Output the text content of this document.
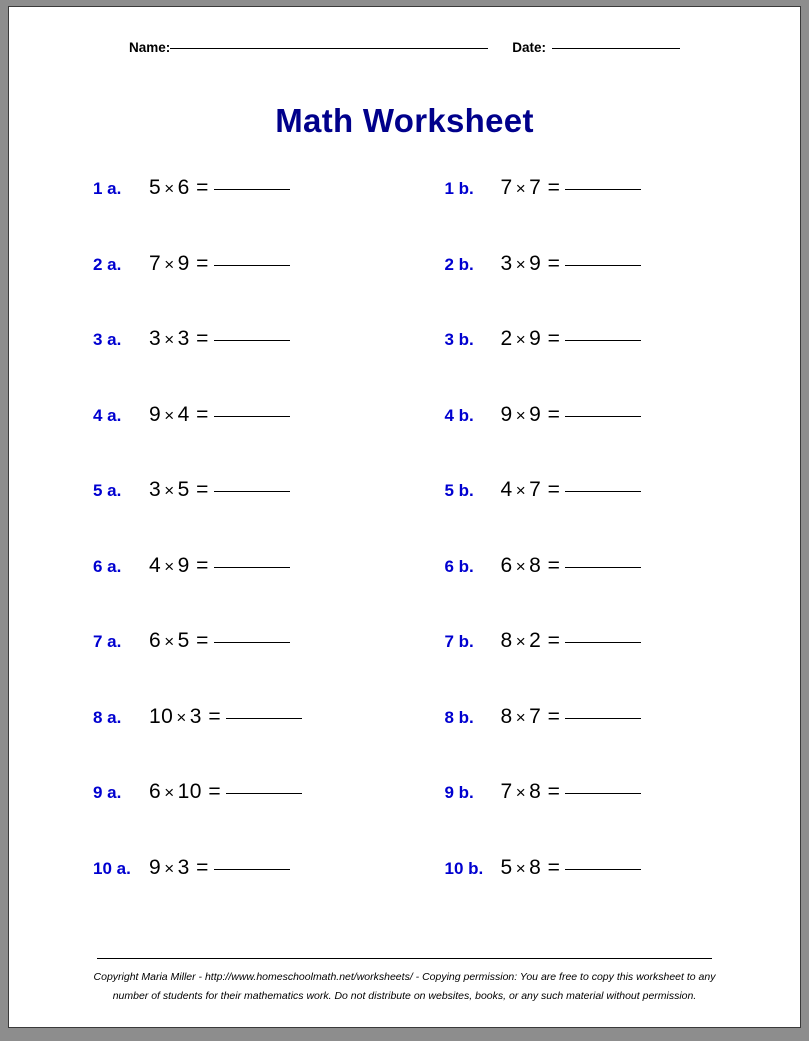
Name:	Date:
Math Worksheet
1 a.	5 × 6 =
2 a.	7 × 9 =
3 a.	3 × 3 =
4 a.	9 × 4 =
5 a.	3 × 5 =
6 a.	4 × 9 =
7 a.	6 × 5 =
8 a.	10 × 3 =
9 a.	6 × 10 =
10 a. 9 × 3 =
1 b.	7 × 7 =
2 b.	3 × 9 =
3 b.	2 × 9 =
4 b.	9 × 9 =
5 b.	4 × 7 =
6 b.	6 × 8 =
7 b.	8 × 2 =
8 b.	8 × 7 =
9 b.	7 × 8 =
10 b. 5 × 8 =
Copyright Maria Miller - http://www.homeschoolmath.net/worksheets/ - Copying permission: You are free to copy this worksheet to any
number of students for their mathematics work. Do not distribute on websites, books, or any such material without permission.
